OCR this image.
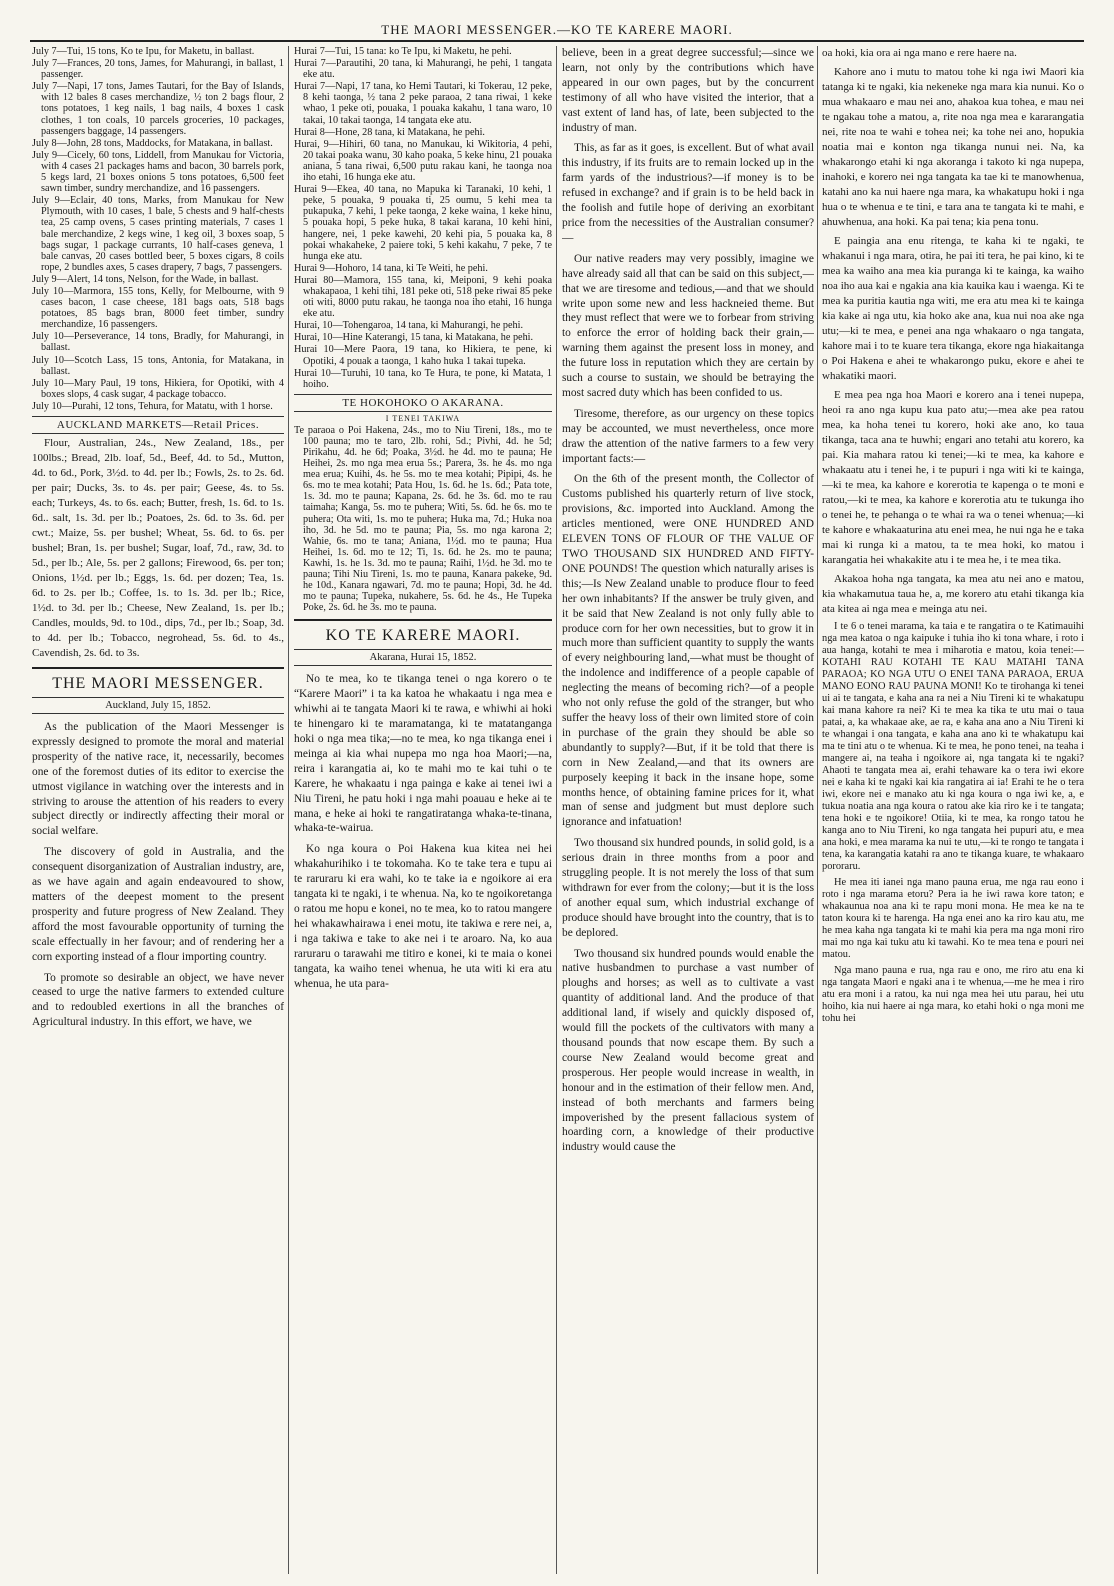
THE MAORI MESSENGER.—KO TE KARERE MAORI.

July 7—Tui, 15 tons, Ko te Ipu, for Maketu, in ballast.

July 7—Frances, 20 tons, James, for Mahurangi, in ballast, 1 passenger.

July 7—Napi, 17 tons, James Tautari, for the Bay of Islands, with 12 bales 8 cases merchandize, ½ ton 2 bags flour, 2 tons potatoes, 1 keg nails, 1 bag nails, 4 boxes 1 cask clothes, 1 ton coals, 10 parcels groceries, 10 packages, passengers baggage, 14 passengers.

July 8—John, 28 tons, Maddocks, for Matakana, in ballast.

July 9—Cicely, 60 tons, Liddell, from Manukau for Victoria, with 4 cases 21 packages hams and bacon, 30 barrels pork, 5 kegs lard, 21 boxes onions 5 tons potatoes, 6,500 feet sawn timber, sundry merchandize, and 16 passengers.

July 9—Eclair, 40 tons, Marks, from Manukau for New Plymouth, with 10 cases, 1 bale, 5 chests and 9 half-chests tea, 25 camp ovens, 5 cases printing materials, 7 cases 1 bale merchandize, 2 kegs wine, 1 keg oil, 3 boxes soap, 5 bags sugar, 1 package currants, 10 half-cases geneva, 1 bale canvas, 20 cases bottled beer, 5 boxes cigars, 8 coils rope, 2 bundles axes, 5 cases drapery, 7 bags, 7 passengers.

July 9—Alert, 14 tons, Nelson, for the Wade, in ballast.

July 10—Marmora, 155 tons, Kelly, for Melbourne, with 9 cases bacon, 1 case cheese, 181 bags oats, 518 bags potatoes, 85 bags bran, 8000 feet timber, sundry merchandize, 16 passengers.

July 10—Perseverance, 14 tons, Bradly, for Mahurangi, in ballast.

July 10—Scotch Lass, 15 tons, Antonia, for Matakana, in ballast.

July 10—Mary Paul, 19 tons, Hikiera, for Opotiki, with 4 boxes slops, 4 cask sugar, 4 package tobacco.

July 10—Purahi, 12 tons, Tehura, for Matatu, with 1 horse.

AUCKLAND MARKETS—Retail Prices.

Flour, Australian, 24s., New Zealand, 18s., per 100lbs.; Bread, 2lb. loaf, 5d., Beef, 4d. to 5d., Mutton, 4d. to 6d., Pork, 3½d. to 4d. per lb.; Fowls, 2s. to 2s. 6d. per pair; Ducks, 3s. to 4s. per pair; Geese, 4s. to 5s. each; Turkeys, 4s. to 6s. each; Butter, fresh, 1s. 6d. to 1s. 6d.. salt, 1s. 3d. per lb.; Poatoes, 2s. 6d. to 3s. 6d. per cwt.; Maize, 5s. per bushel; Wheat, 5s. 6d. to 6s. per bushel; Bran, 1s. per bushel; Sugar, loaf, 7d., raw, 3d. to 5d., per lb.; Ale, 5s. per 2 gallons; Firewood, 6s. per ton; Onions, 1½d. per lb.; Eggs, 1s. 6d. per dozen; Tea, 1s. 6d. to 2s. per lb.; Coffee, 1s. to 1s. 3d. per lb.; Rice, 1½d. to 3d. per lb.; Cheese, New Zealand, 1s. per lb.; Candles, moulds, 9d. to 10d., dips, 7d., per lb.; Soap, 3d. to 4d. per lb.; Tobacco, negrohead, 5s. 6d. to 4s., Cavendish, 2s. 6d. to 3s.

THE MAORI MESSENGER.
Auckland, July 15, 1852.

As the publication of the Maori Messenger is expressly designed to promote the moral and material prosperity of the native race, it, necessarily, becomes one of the foremost duties of its editor to exercise the utmost vigilance in watching over the interests and in striving to arouse the attention of his readers to every subject directly or indirectly affecting their moral or social welfare.

The discovery of gold in Australia, and the consequent disorganization of Australian industry, are, as we have again and again endeavoured to show, matters of the deepest moment to the present prosperity and future progress of New Zealand. They afford the most favourable opportunity of turning the scale effectually in her favour; and of rendering her a corn exporting instead of a flour importing country.

To promote so desirable an object, we have never ceased to urge the native farmers to extended culture and to redoubled exertions in all the branches of Agricultural industry. In this effort, we have, we

Hurai 7—Tui, 15 tana: ko Te Ipu, ki Maketu, he pehi.

Hurai 7—Parautihi, 20 tana, ki Mahurangi, he pehi, 1 tangata eke atu.

Hurai 7—Napi, 17 tana, ko Hemi Tautari, ki Tokerau, 12 peke, 8 kehi taonga, ½ tana 2 peke paraoa, 2 tana riwai, 1 keke whao, 1 peke oti, pouaka, 1 pouaka kakahu, 1 tana waro, 10 takai, 10 takai taonga, 14 tangata eke atu.

Hurai 8—Hone, 28 tana, ki Matakana, he pehi.

Hurai, 9—Hihiri, 60 tana, no Manukau, ki Wikitoria, 4 pehi, 20 takai poaka wanu, 30 kaho poaka, 5 keke hinu, 21 pouaka aniana, 5 tana riwai, 6,500 putu rakau kani, he taonga noa iho etahi, 16 hunga eke atu.

Hurai 9—Ekea, 40 tana, no Mapuka ki Taranaki, 10 kehi, 1 peke, 5 pouaka, 9 pouaka ti, 25 oumu, 5 kehi mea ta pukapuka, 7 kehi, 1 peke taonga, 2 keke waina, 1 keke hinu, 5 pouaka hopi, 5 peke huka, 8 takai karana, 10 kehi hini, hangere, nei, 1 peke kawehi, 20 kehi pia, 5 pouaka ka, 8 pokai whakaheke, 2 paiere toki, 5 kehi kakahu, 7 peke, 7 te hunga eke atu.

Hurai 9—Hohoro, 14 tana, ki Te Weiti, he pehi.

Hurai 80—Mamora, 155 tana, ki, Meiponi, 9 kehi poaka whakapaoa, 1 kehi tihi, 181 peke oti, 518 peke riwai 85 peke oti witi, 8000 putu rakau, he taonga noa iho etahi, 16 hunga eke atu.

Hurai, 10—Tohengaroa, 14 tana, ki Mahurangi, he pehi.

Hurai, 10—Hine Katerangi, 15 tana, ki Matakana, he pehi.

Hurai 10—Mere Paora, 19 tana, ko Hikiera, te pene, ki Opotiki, 4 pouak a taonga, 1 kaho huka 1 takai tupeka.

Hurai 10—Turuhi, 10 tana, ko Te Hura, te pone, ki Matata, 1 hoiho.

TE HOKOHOKO O AKARANA.
I TENEI TAKIWA

Te paraoa o Poi Hakena, 24s., mo to Niu Tireni, 18s., mo te 100 pauna; mo te taro, 2lb. rohi, 5d.; Pivhi, 4d. he 5d; Pirikahu, 4d. he 6d; Poaka, 3½d. he 4d. mo te pauna; He Heihei, 2s. mo nga mea erua 5s.; Parera, 3s. he 4s. mo nga mea erua; Kuihi, 4s. he 5s. mo te mea kotahi; Pipipi, 4s. he 6s. mo te mea kotahi; Pata Hou, 1s. 6d. he 1s. 6d.; Pata tote, 1s. 3d. mo te pauna; Kapana, 2s. 6d. he 3s. 6d. mo te rau taimaha; Kanga, 5s. mo te puhera; Witi, 5s. 6d. he 6s. mo te puhera; Ota witi, 1s. mo te puhera; Huka ma, 7d.; Huka noa iho, 3d. he 5d. mo te pauna; Pia, 5s. mo nga karona 2; Wahie, 6s. mo te tana; Aniana, 1½d. mo te pauna; Hua Heihei, 1s. 6d. mo te 12; Ti, 1s. 6d. he 2s. mo te pauna; Kawhi, 1s. he 1s. 3d. mo te pauna; Raihi, 1½d. he 3d. mo te pauna; Tihi Niu Tireni, 1s. mo te pauna, Kanara pakeke, 9d. he 10d., Kanara ngawari, 7d. mo te pauna; Hopi, 3d. he 4d. mo te pauna; Tupeka, nukahere, 5s. 6d. he 4s., He Tupeka Poke, 2s. 6d. he 3s. mo te pauna.

KO TE KARERE MAORI.
Akarana, Hurai 15, 1852.

No te mea, ko te tikanga tenei o nga korero o te “Karere Maori” i ta ka katoa he whakaatu i nga mea e whiwhi ai te tangata Maori ki te rawa, e whiwhi ai hoki te hinengaro ki te maramatanga, ki te matatanganga hoki o nga mea tika;—no te mea, ko nga tikanga enei i meinga ai kia whai nupepa mo nga hoa Maori;—na, reira i karangatia ai, ko te mahi mo te kai tuhi o te Karere, he whakaatu i nga painga e kake ai tenei iwi a Niu Tireni, he patu hoki i nga mahi poauau e heke ai te mana, e heke ai hoki te rangatiratanga whaka-te-tinana, whaka-te-wairua.

Ko nga koura o Poi Hakena kua kitea nei hei whakahurihiko i te tokomaha. Ko te take tera e tupu ai te raruraru ki era wahi, ko te take ia e ngoikore ai era tangata ki te ngaki, i te whenua. Na, ko te ngoikoretanga o ratou me hopu e konei, no te mea, ko to ratou mangere hei whakawhairawa i enei motu, ite takiwa e rere nei, a, i nga takiwa e take to ake nei i te aroaro. Na, ko aua raruraru o tarawahi me titiro e konei, ki te maia o konei tangata, ka waiho tenei whenua, he uta witi ki era atu whenua, he uta para-

believe, been in a great degree successful;—since we learn, not only by the contributions which have appeared in our own pages, but by the concurrent testimony of all who have visited the interior, that a vast extent of land has, of late, been subjected to the industry of man.

This, as far as it goes, is excellent. But of what avail this industry, if its fruits are to remain locked up in the farm yards of the industrious?—if money is to be refused in exchange? and if grain is to be held back in the foolish and futile hope of deriving an exorbitant price from the necessities of the Australian consumer?—

Our native readers may very possibly, imagine we have already said all that can be said on this subject,—that we are tiresome and tedious,—and that we should write upon some new and less hackneied theme. But they must reflect that were we to forbear from striving to enforce the error of holding back their grain,—warning them against the present loss in money, and the future loss in reputation which they are certain by such a course to sustain, we should be betraying the most sacred duty which has been confided to us.

Tiresome, therefore, as our urgency on these topics may be accounted, we must nevertheless, once more draw the attention of the native farmers to a few very important facts:—

On the 6th of the present month, the Collector of Customs published his quarterly return of live stock, provisions, &c. imported into Auckland. Among the articles mentioned, were ONE HUNDRED AND ELEVEN TONS OF FLOUR OF THE VALUE OF TWO THOUSAND SIX HUNDRED AND FIFTY-ONE POUNDS! The question which naturally arises is this;—Is New Zealand unable to produce flour to feed her own inhabitants? If the answer be truly given, and it be said that New Zealand is not only fully able to produce corn for her own necessities, but to grow it in much more than sufficient quantity to supply the wants of every neighbouring land,—what must be thought of the indolence and indifference of a people capable of neglecting the means of becoming rich?—of a people who not only refuse the gold of the stranger, but who suffer the heavy loss of their own limited store of coin in purchase of the grain they should be able so abundantly to supply?—But, if it be told that there is corn in New Zealand,—and that its owners are purposely keeping it back in the insane hope, some months hence, of obtaining famine prices for it, what man of sense and judgment but must deplore such ignorance and infatuation!

Two thousand six hundred pounds, in solid gold, is a serious drain in three months from a poor and struggling people. It is not merely the loss of that sum withdrawn for ever from the colony;—but it is the loss of another equal sum, which industrial exchange of produce should have brought into the country, that is to be deplored.

Two thousand six hundred pounds would enable the native husbandmen to purchase a vast number of ploughs and horses; as well as to cultivate a vast quantity of additional land. And the produce of that additional land, if wisely and quickly disposed of, would fill the pockets of the cultivators with many a thousand pounds that now escape them. By such a course New Zealand would become great and prosperous. Her people would increase in wealth, in honour and in the estimation of their fellow men. And, instead of both merchants and farmers being impoverished by the present fallacious system of hoarding corn, a knowledge of their productive industry would cause the

oa hoki, kia ora ai nga mano e rere haere na.

Kahore ano i mutu to matou tohe ki nga iwi Maori kia tatanga ki te ngaki, kia nekeneke nga mara kia nunui. Ko o mua whakaaro e mau nei ano, ahakoa kua tohea, e mau nei te ngakau tohe a matou, a, rite noa nga mea e kararangatia nei, rite noa te wahi e tohea nei; ka tohe nei ano, hopukia noatia mai e konton nga tikanga nunui nei. Na, ka whakarongo etahi ki nga akoranga i takoto ki nga nupepa, inahoki, e korero nei nga tangata ka tae ki te manowhenua, katahi ano ka nui haere nga mara, ka whakatupu hoki i nga hua o te whenua e te tini, e tara ana te tangata ki te mahi, e ahuwhenua, ana hoki. Ka pai tena; kia pena tonu.

E paingia ana enu ritenga, te kaha ki te ngaki, te whakanui i nga mara, otira, he pai iti tera, he pai kino, ki te mea ka waiho ana mea kia puranga ki te kainga, ka waiho noa iho aua kai e ngakia ana kia kauika kau i waenga. Ki te mea ka puritia kautia nga witi, me era atu mea ki te kainga kia kake ai nga utu, kia hoko ake ana, kua nui noa ake nga utu;—ki te mea, e penei ana nga whakaaro o nga tangata, kahore mai i to te kuare tera tikanga, ekore nga hiakaitanga o Poi Hakena e ahei te whakarongo puku, ekore e ahei te whakatiki maori.

E mea pea nga hoa Maori e korero ana i tenei nupepa, heoi ra ano nga kupu kua pato atu;—mea ake pea ratou mea, ka hoha tenei tu korero, hoki ake ano, ko taua tikanga, taca ana te huwhi; engari ano tetahi atu korero, ka pai. Kia mahara ratou ki tenei;—ki te mea, ka kahore e whakaatu atu i tenei he, i te pupuri i nga witi ki te kainga,—ki te mea, ka kahore e korerotia te kapenga o te moni e ratou,—ki te mea, ka kahore e korerotia atu te tukunga iho o tenei he, te pehanga o te whai ra wa o tenei whenua;—ki te kahore e whakaaturina atu enei mea, he nui nga he e taka mai ki runga ki a matou, ta te mea hoki, ko matou i karangatia hei whakakite atu i te mea he, i te mea tika.

Akakoa hoha nga tangata, ka mea atu nei ano e matou, kia whakamutua taua he, a, me korero atu etahi tikanga kia ata kitea ai nga mea e meinga atu nei.

I te 6 o tenei marama, ka taia e te rangatira o te Katimauihi nga mea katoa o nga kaipuke i tuhia iho ki tona whare, i roto i aua hanga, kotahi te mea i miharotia e matou, koia tenei:— KOTAHI RAU KOTAHI TE KAU MATAHI TANA PARAOA; KO NGA UTU O ENEI TANA PARAOA, ERUA MANO EONO RAU PAUNA MONI! Ko te tirohanga ki tenei ui ai te tangata, e kaha ana ra nei a Niu Tireni ki te whakatupu kai mana kahore ra nei? Ki te mea ka tika te utu mai o taua patai, a, ka whakaae ake, ae ra, e kaha ana ano a Niu Tireni ki te whangai i ona tangata, e kaha ana ano ki te whakatupu kai ma te tini atu o te whenua. Ki te mea, he pono tenei, na teaha i mangere ai, na teaha i ngoikore ai, nga tangata ki te ngaki? Ahaoti te tangata mea ai, erahi tehaware ka o tera iwi ekore nei e kaha ki te ngaki kai kia rangatira ai ia! Erahi te he o tera iwi, ekore nei e manako atu ki nga koura o nga iwi ke, a, e tukua noatia ana nga koura o ratou ake kia riro ke i te tangata; tena hoki e te ngoikore! Otiia, ki te mea, ka rongo tatou he kanga ano to Niu Tireni, ko nga tangata hei pupuri atu, e mea ana hoki, e mea marama ka nui te utu,—ki te rongo te tangata i tena, ka karangatia katahi ra ano te tikanga kuare, te whakaaro pororaru.

He mea iti ianei nga mano pauna erua, me nga rau eono i roto i nga marama etoru? Pera ia he iwi rawa kore taton; e whakaunua noa ana ki te rapu moni mona. He mea ke na te taton koura ki te harenga. Ha nga enei ano ka riro kau atu, me he mea kaha nga tangata ki te mahi kia pera ma nga moni riro mai mo nga kai tuku atu ki tawahi. Ko te mea tena e pouri nei matou.

Nga mano pauna e rua, nga rau e ono, me riro atu ena ki nga tangata Maori e ngaki ana i te whenua,—me he mea i riro atu era moni i a ratou, ka nui nga mea hei utu parau, hei utu hoiho, kia nui haere ai nga mara, ko etahi hoki o nga moni me tohu hei
